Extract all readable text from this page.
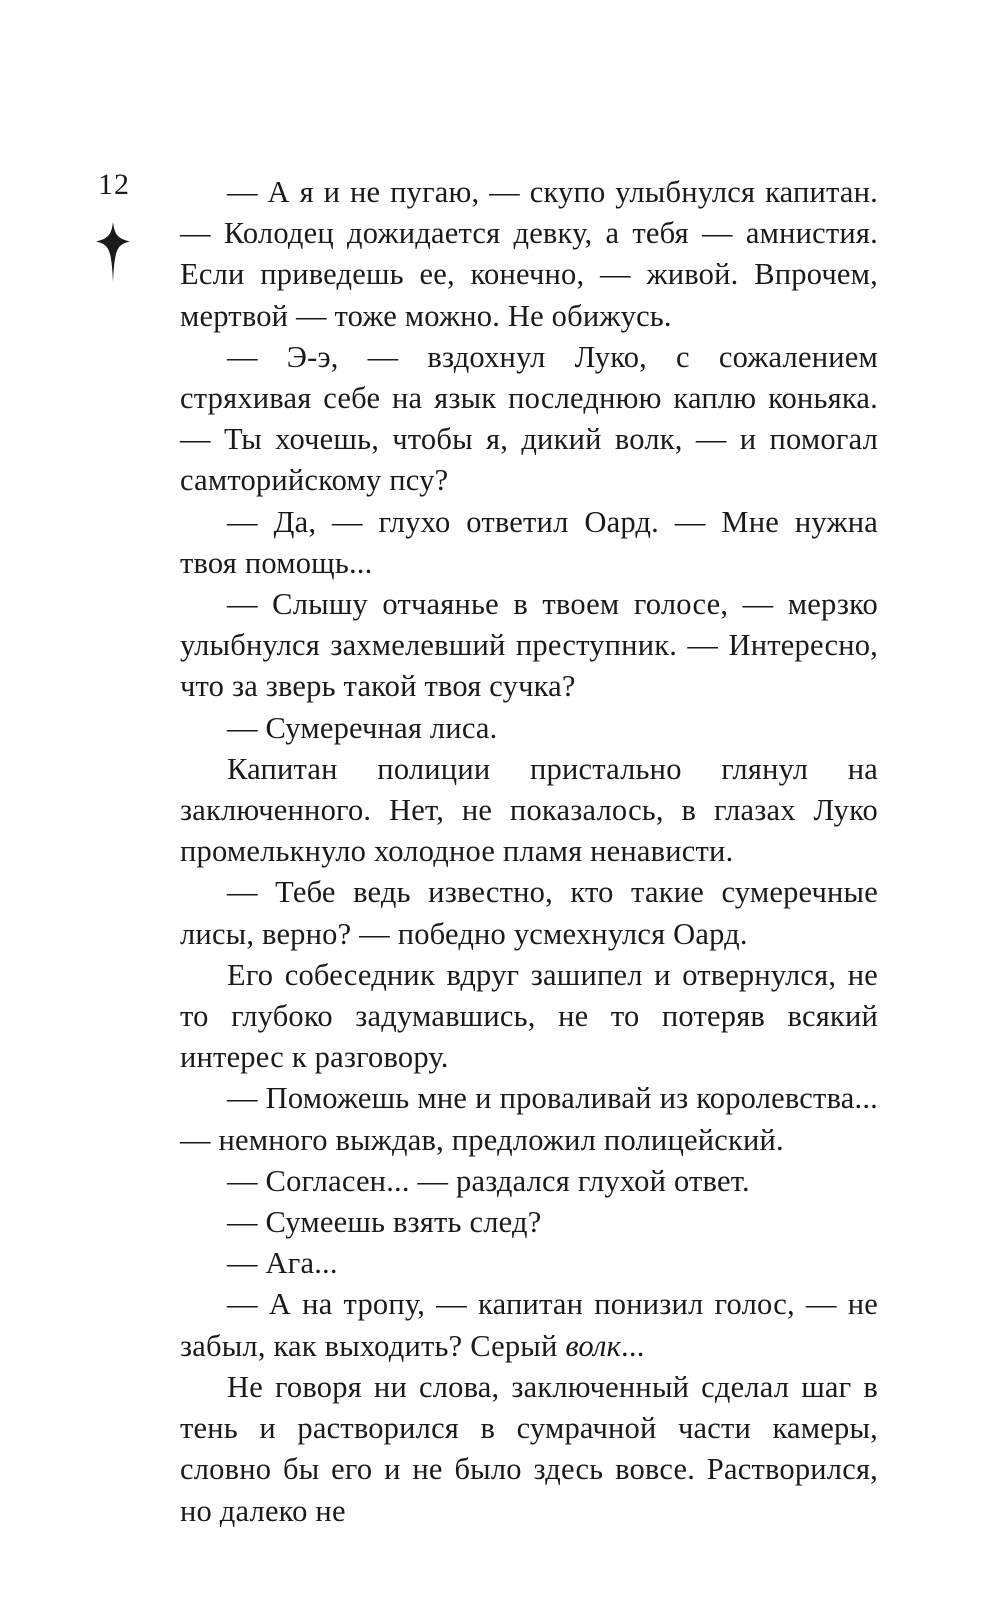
12	— А я и не пугаю, — скупо улыбнулся капитан. — Колодец дожидается девку, а тебя — амнистия. Если приведешь ее, конечно, — живой. Впрочем, мертвой — тоже можно. Не обижусь.

— Э-э, — вздохнул Луко, с сожалением стряхивая себе на язык последнюю каплю коньяка. — Ты хочешь, чтобы я, дикий волк, — и помогал самторийскому псу?

— Да, — глухо ответил Оард. — Мне нужна твоя помощь...

— Слышу отчаянье в твоем голосе, — мерзко улыбнулся захмелевший преступник. — Интересно, что за зверь такой твоя сучка?

— Сумеречная лиса.

Капитан полиции пристально глянул на заключенного. Нет, не показалось, в глазах Луко промелькнуло холодное пламя ненависти.

— Тебе ведь известно, кто такие сумеречные лисы, верно? — победно усмехнулся Оард.

Его собеседник вдруг зашипел и отвернулся, не то глубоко задумавшись, не то потеряв всякий интерес к разговору.

— Поможешь мне и проваливай из королевства... — немного выждав, предложил полицейский.

— Согласен... — раздался глухой ответ.

— Сумеешь взять след?

— Ага...

— А на тропу, — капитан понизил голос, — не забыл, как выходить? Серый волк...

Не говоря ни слова, заключенный сделал шаг в тень и растворился в сумрачной части камеры, словно бы его и не было здесь вовсе. Растворился, но далеко не
